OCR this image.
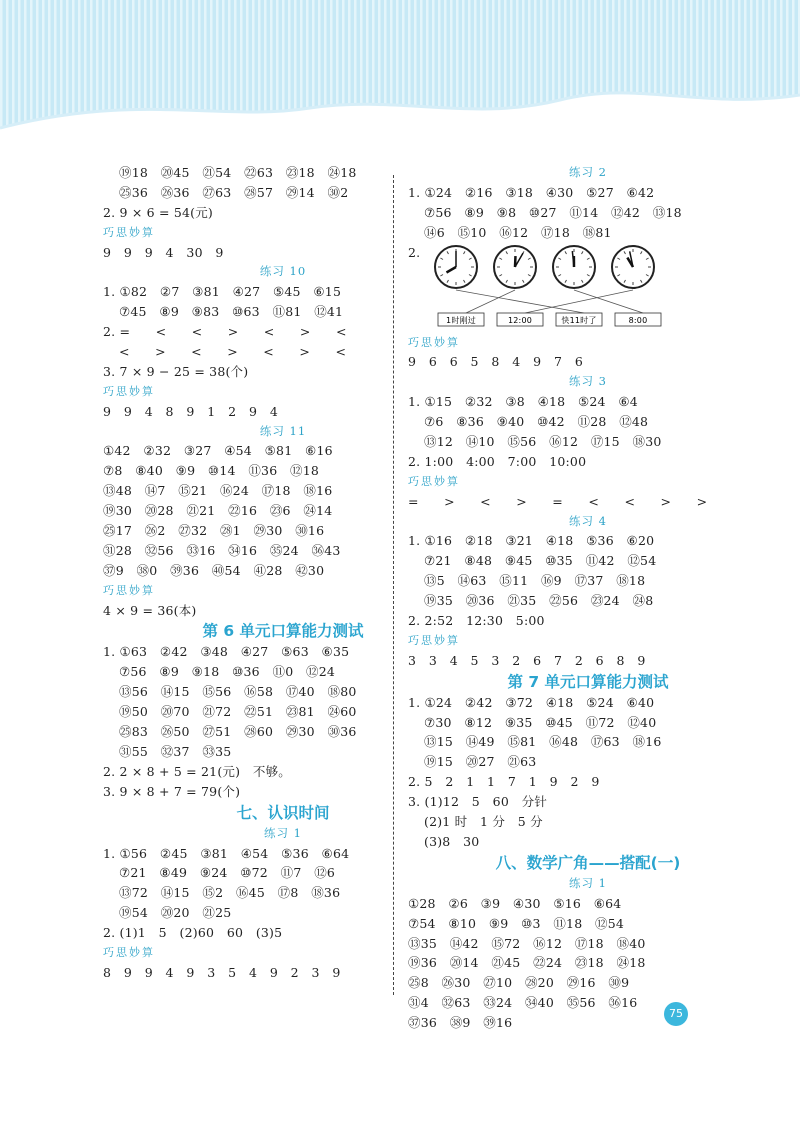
⑲18　⑳45　㉑54　㉒63　㉓18　㉔18
㉕36　㉖36　㉗63　㉘57　㉙14　㉚2
2. 9 × 6 = 54(元)
巧思妙算
9　9　9　4　30　9
练习 10
1. ①82　②7　③81　④27　⑤45　⑥15
⑦45　⑧9　⑨83　⑩63　⑪81　⑫41
2. =　　<　　<　　>　　<　　>　　<
<　　>　　<　　>　　<　　>　　<
3. 7 × 9 − 25 = 38(个)
巧思妙算
9　9　4　8　9　1　2　9　4
练习 11
①42　②32　③27　④54　⑤81　⑥16
⑦8　⑧40　⑨9　⑩14　⑪36　⑫18
⑬48　⑭7　⑮21　⑯24　⑰18　⑱16
⑲30　⑳28　㉑21　㉒16　㉓6　㉔14
㉕17　㉖2　㉗32　㉘1　㉙30　㉚16
㉛28　㉜56　㉝16　㉞16　㉟24　㊱43
㊲9　㊳0　㊴36　㊵54　㊶28　㊷30
巧思妙算
4 × 9 = 36(本)
第 6 单元口算能力测试
1. ①63　②42　③48　④27　⑤63　⑥35
⑦56　⑧9　⑨18　⑩36　⑪0　⑫24
⑬56　⑭15　⑮56　⑯58　⑰40　⑱80
⑲50　⑳70　㉑72　㉒51　㉓81　㉔60
㉕83　㉖50　㉗51　㉘60　㉙30　㉚36
㉛55　㉜37　㉝35
2. 2 × 8 + 5 = 21(元)　不够。
3. 9 × 8 + 7 = 79(个)
七、认识时间
练习 1
1. ①56　②45　③81　④54　⑤36　⑥64
⑦21　⑧49　⑨24　⑩72　⑪7　⑫6
⑬72　⑭15　⑮2　⑯45　⑰8　⑱36
⑲54　⑳20　㉑25
2. (1)1　5　(2)60　60　(3)5
巧思妙算
8　9　9　4　9　3　5　4　9　2　3　9
练习 2
1. ①24　②16　③18　④30　⑤27　⑥42
⑦56　⑧9　⑨8　⑩27　⑪14　⑫42　⑬18
⑭6　⑮10　⑯12　⑰18　⑱81
2.
1时刚过	12:00	快11时了	8:00
巧思妙算
9　6　6　5　8　4　9　7　6
练习 3
1. ①15　②32　③8　④18　⑤24　⑥4
⑦6　⑧36　⑨40　⑩42　⑪28　⑫48
⑬12　⑭10　⑮56　⑯12　⑰15　⑱30
2. 1:00　4:00　7:00　10:00
巧思妙算
=　　>　　<　　>　　=　　<　　<　　>　　>
练习 4
1. ①16　②18　③21　④18　⑤36　⑥20
⑦21　⑧48　⑨45　⑩35　⑪42　⑫54
⑬5　⑭63　⑮11　⑯9　⑰37　⑱18
⑲35　⑳36　㉑35　㉒56　㉓24　㉔8
2. 2:52　12:30　5:00
巧思妙算
3　3　4　5　3　2　6　7　2　6　8　9
第 7 单元口算能力测试
1. ①24　②42　③72　④18　⑤24　⑥40
⑦30　⑧12　⑨35　⑩45　⑪72　⑫40
⑬15　⑭49　⑮81　⑯48　⑰63　⑱16
⑲15　⑳27　㉑63
2. 5　2　1　1　7　1　9　2　9
3. (1)12　5　60　分针
(2)1 时　1 分　5 分
(3)8　30
八、数学广角——搭配(一)
练习 1
①28　②6　③9　④30　⑤16　⑥64
⑦54　⑧10　⑨9　⑩3　⑪18　⑫54
⑬35　⑭42　⑮72　⑯12　⑰18　⑱40
⑲36　⑳14　㉑45　㉒24　㉓18　㉔18
㉕8　㉖30　㉗10　㉘20　㉙16　㉚9
㉛4　㉜63　㉝24　㉞40　㉟56　㊱16
㊲36　㊳9　㊴16
75
